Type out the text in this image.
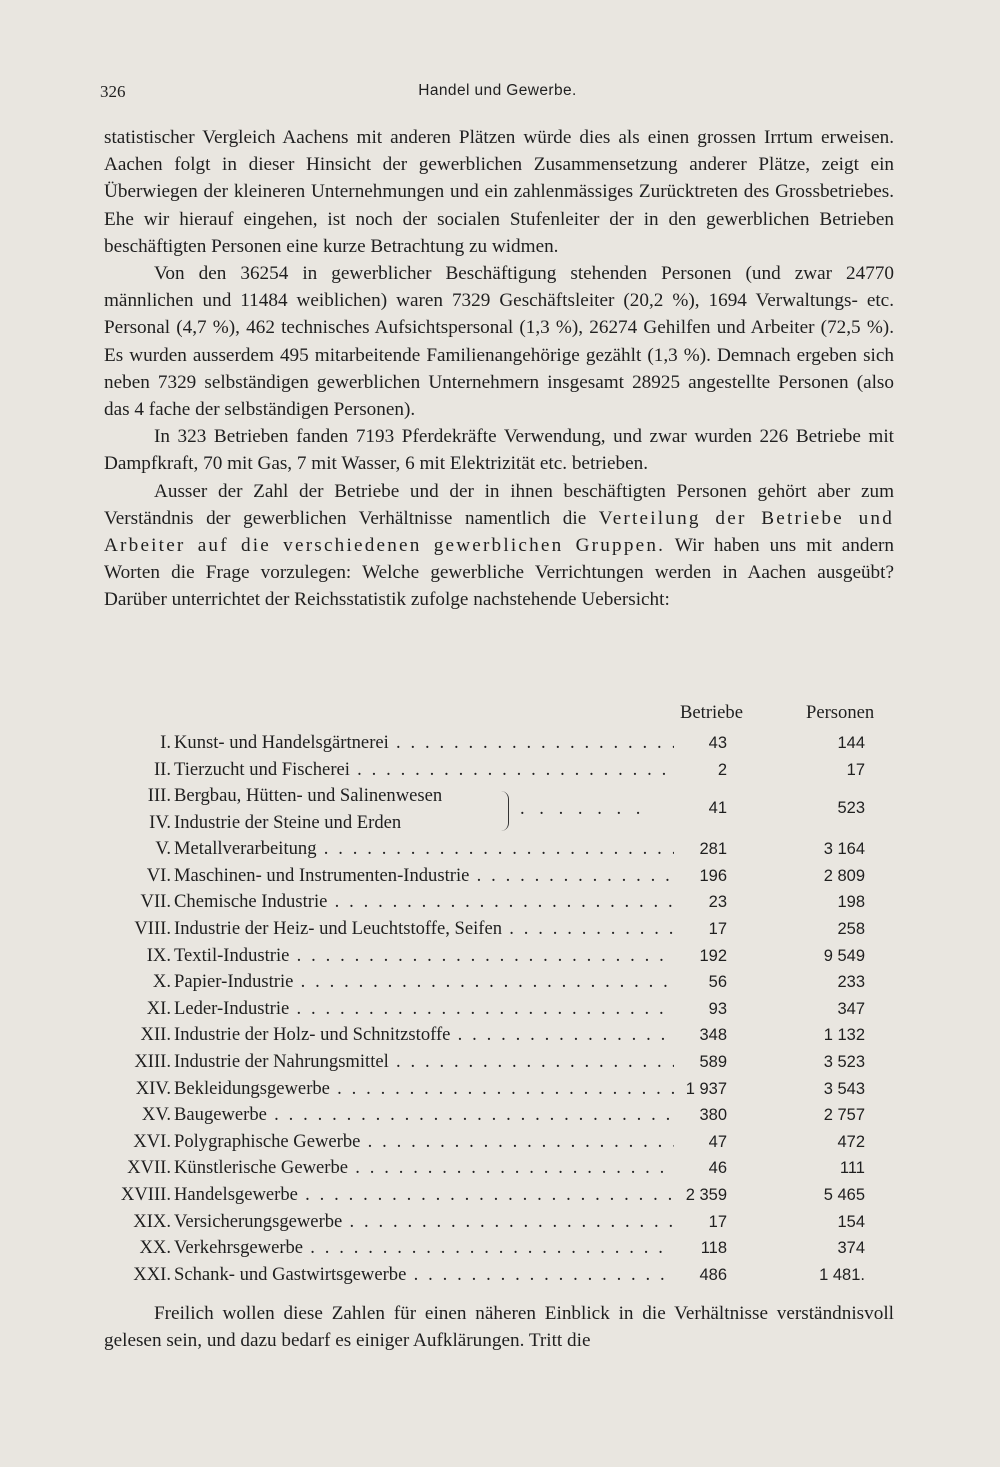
326	Handel und Gewerbe.

statistischer Vergleich Aachens mit anderen Plätzen würde dies als einen grossen Irrtum erweisen. Aachen folgt in dieser Hinsicht der gewerblichen Zusammensetzung anderer Plätze, zeigt ein Überwiegen der kleineren Unternehmungen und ein zahlenmässiges Zurücktreten des Grossbetriebes. Ehe wir hierauf eingehen, ist noch der socialen Stufenleiter der in den gewerblichen Betrieben beschäftigten Personen eine kurze Betrachtung zu widmen.

Von den 36254 in gewerblicher Beschäftigung stehenden Personen (und zwar 24770 männlichen und 11484 weiblichen) waren 7329 Geschäftsleiter (20,2 %), 1694 Verwaltungs- etc. Personal (4,7 %), 462 technisches Aufsichtspersonal (1,3 %), 26274 Gehilfen und Arbeiter (72,5 %). Es wurden ausserdem 495 mitarbeitende Familienangehörige gezählt (1,3 %). Demnach ergeben sich neben 7329 selbständigen gewerblichen Unternehmern insgesamt 28925 angestellte Personen (also das 4 fache der selbständigen Personen).

In 323 Betrieben fanden 7193 Pferdekräfte Verwendung, und zwar wurden 226 Betriebe mit Dampfkraft, 70 mit Gas, 7 mit Wasser, 6 mit Elektrizität etc. betrieben.

Ausser der Zahl der Betriebe und der in ihnen beschäftigten Personen gehört aber zum Verständnis der gewerblichen Verhältnisse namentlich die Verteilung der Betriebe und Arbeiter auf die verschiedenen gewerblichen Gruppen. Wir haben uns mit andern Worten die Frage vorzulegen: Welche gewerbliche Verrichtungen werden in Aachen ausgeübt? Darüber unterrichtet der Reichsstatistik zufolge nachstehende Uebersicht:

Betriebe	Personen
I. Kunst- und Handelsgärtnerei . . .	43	144
II. Tierzucht und Fischerei . . .	2	17
III. Bergbau, Hütten- und Salinenwesen
IV. Industrie der Steine und Erden
. . . . . . .	41	523
V. Metallverarbeitung . . .	281	3 164
VI. Maschinen- und Instrumenten-Industrie . . .	196	2 809
VII. Chemische Industrie . . .	23	198
VIII. Industrie der Heiz- und Leuchtstoffe, Seifen . . .	17	258
IX. Textil-Industrie . . .	192	9 549
X. Papier-Industrie . . .	56	233
XI. Leder-Industrie . . .	93	347
XII. Industrie der Holz- und Schnitzstoffe . . .	348	1 132
XIII. Industrie der Nahrungsmittel . . .	589	3 523
XIV. Bekleidungsgewerbe . . .	1 937	3 543
XV. Baugewerbe . . .	380	2 757
XVI. Polygraphische Gewerbe . . .	47	472
XVII. Künstlerische Gewerbe . . .	46	111
XVIII. Handelsgewerbe . . .	2 359	5 465
XIX. Versicherungsgewerbe . . .	17	154
XX. Verkehrsgewerbe . . .	118	374
XXI. Schank- und Gastwirtsgewerbe . . .	486	1 481.

Freilich wollen diese Zahlen für einen näheren Einblick in die Verhältnisse verständnisvoll gelesen sein, und dazu bedarf es einiger Aufklärungen. Tritt die
